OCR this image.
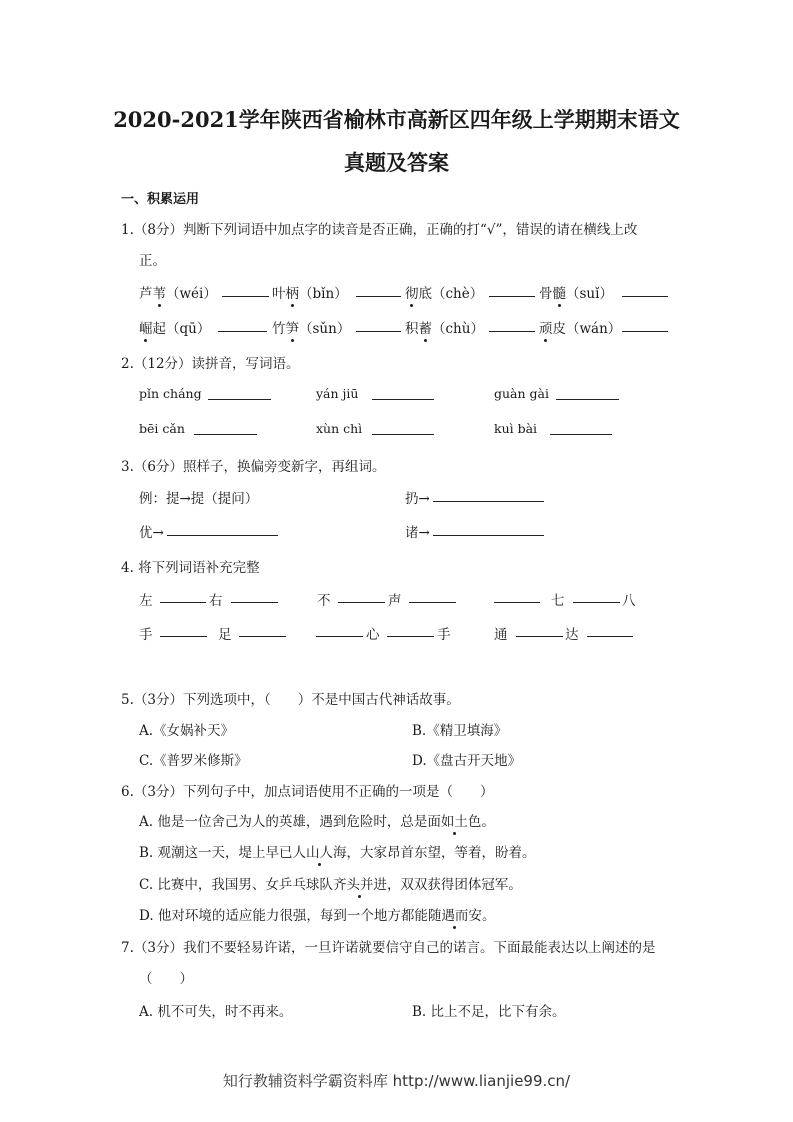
2020-2021学年陕西省榆林市高新区四年级上学期期末语文
真题及答案
一、积累运用
1.（8分）判断下列词语中加点字的读音是否正确，正确的打“√”，错误的请在横线上改
正。
芦苇（wéi）	叶柄（bǐn）	彻底（chè）	骨髓（suǐ）
崛起（qū）	竹笋（sǔn）	积蓄（chù）	顽皮（wán）
2.（12分）读拼音，写词语。
pǐn cháng	yán jiū	guàn gài
bēi cǎn	xùn chì	kuì bài
3.（6分）照样子，换偏旁变新字，再组词。
例：提→提（提问）	扔→
优→	诸→
4. 将下列词语补充完整
左	右	不	声	七	八
手	足	心	手	通	达
5.（3分）下列选项中，（　　）不是中国古代神话故事。
A.《女娲补天》	B.《精卫填海》
C.《普罗米修斯》	D.《盘古开天地》
6.（3分）下列句子中，加点词语使用不正确的一项是（　　）
A. 他是一位舍己为人的英雄，遇到危险时，总是面如土色。
B. 观潮这一天，堤上早已人山人海，大家昂首东望，等着，盼着。
C. 比赛中，我国男、女乒乓球队齐头并进，双双获得团体冠军。
D. 他对环境的适应能力很强，每到一个地方都能随遇而安。
7.（3分）我们不要轻易许诺，一旦许诺就要信守自己的诺言。下面最能表达以上阐述的是
（　　）
A. 机不可失，时不再来。	B. 比上不足，比下有余。
知行教辅资料学霸资料库 http://www.lianjie99.cn/
